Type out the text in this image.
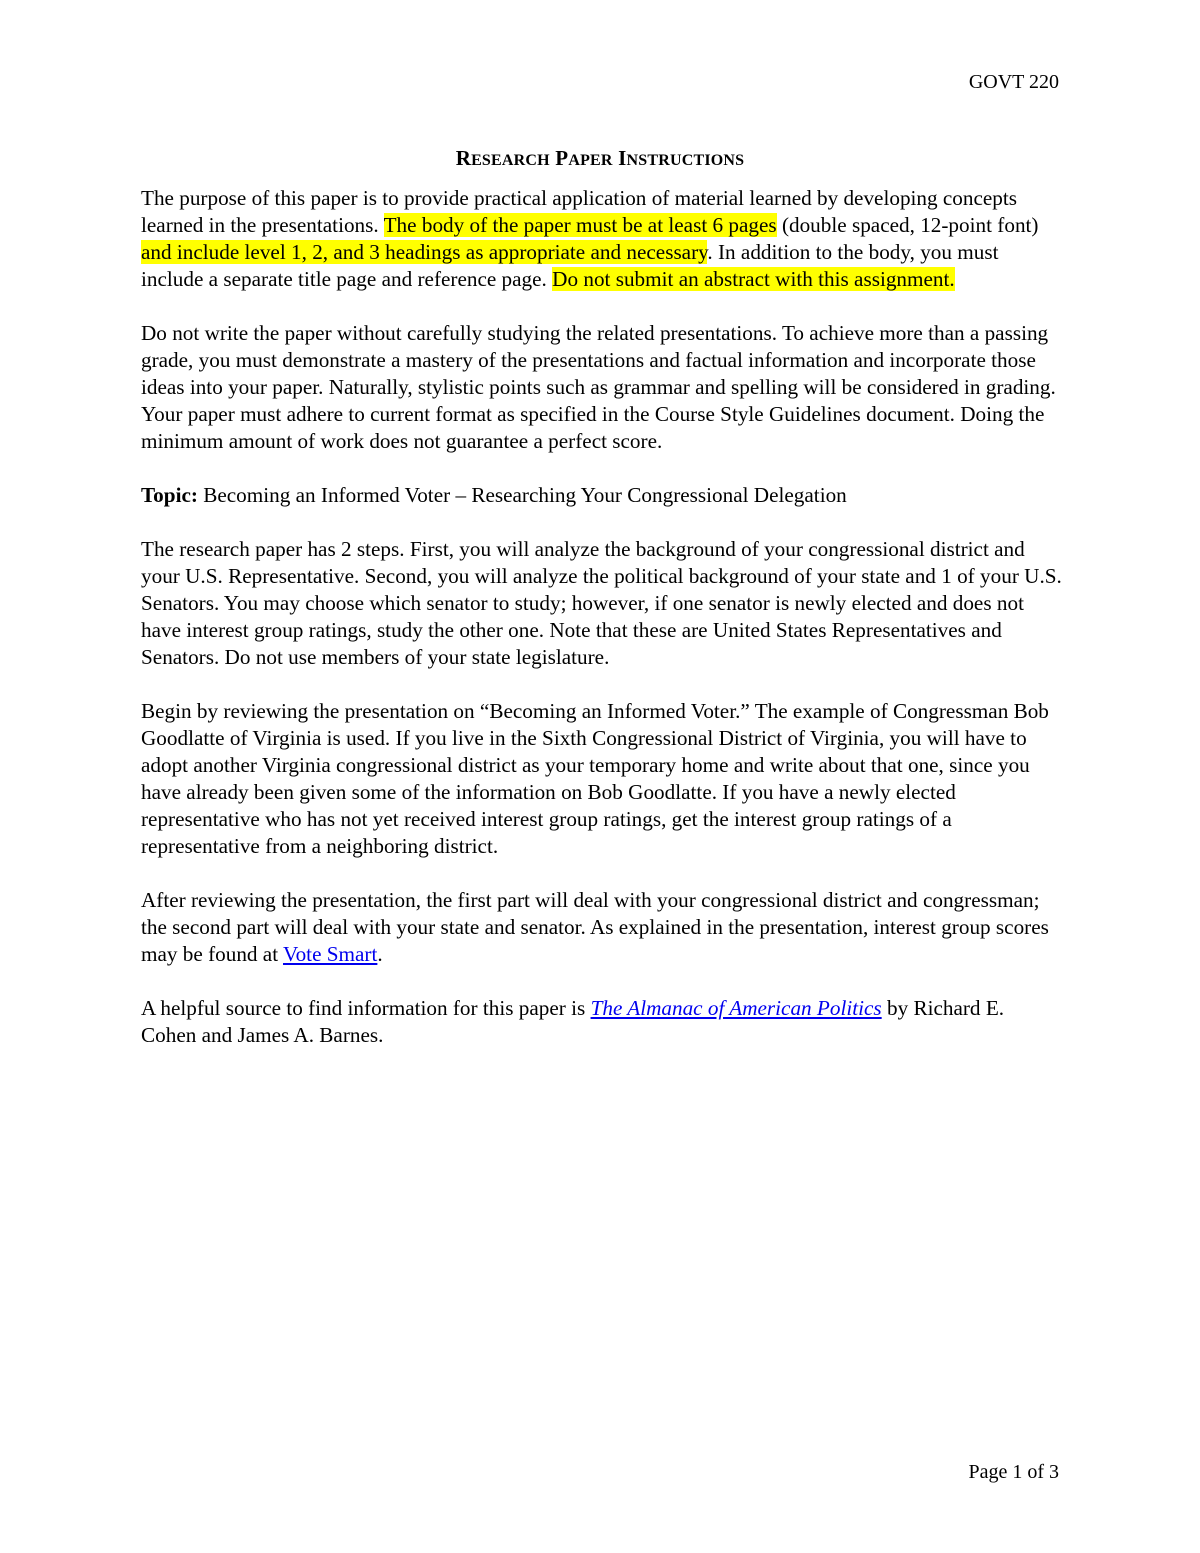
GOVT 220
RESEARCH PAPER INSTRUCTIONS

The purpose of this paper is to provide practical application of material learned by developing concepts learned in the presentations. The body of the paper must be at least 6 pages (double spaced, 12-point font) and include level 1, 2, and 3 headings as appropriate and necessary. In addition to the body, you must include a separate title page and reference page. Do not submit an abstract with this assignment.

Do not write the paper without carefully studying the related presentations. To achieve more than a passing grade, you must demonstrate a mastery of the presentations and factual information and incorporate those ideas into your paper. Naturally, stylistic points such as grammar and spelling will be considered in grading. Your paper must adhere to current format as specified in the Course Style Guidelines document. Doing the minimum amount of work does not guarantee a perfect score.

Topic: Becoming an Informed Voter – Researching Your Congressional Delegation

The research paper has 2 steps. First, you will analyze the background of your congressional district and your U.S. Representative. Second, you will analyze the political background of your state and 1 of your U.S. Senators. You may choose which senator to study; however, if one senator is newly elected and does not have interest group ratings, study the other one. Note that these are United States Representatives and Senators. Do not use members of your state legislature.

Begin by reviewing the presentation on “Becoming an Informed Voter.” The example of Congressman Bob Goodlatte of Virginia is used. If you live in the Sixth Congressional District of Virginia, you will have to adopt another Virginia congressional district as your temporary home and write about that one, since you have already been given some of the information on Bob Goodlatte. If you have a newly elected representative who has not yet received interest group ratings, get the interest group ratings of a representative from a neighboring district.

After reviewing the presentation, the first part will deal with your congressional district and congressman; the second part will deal with your state and senator. As explained in the presentation, interest group scores may be found at Vote Smart.

A helpful source to find information for this paper is The Almanac of American Politics by Richard E. Cohen and James A. Barnes.

Page 1 of 3
